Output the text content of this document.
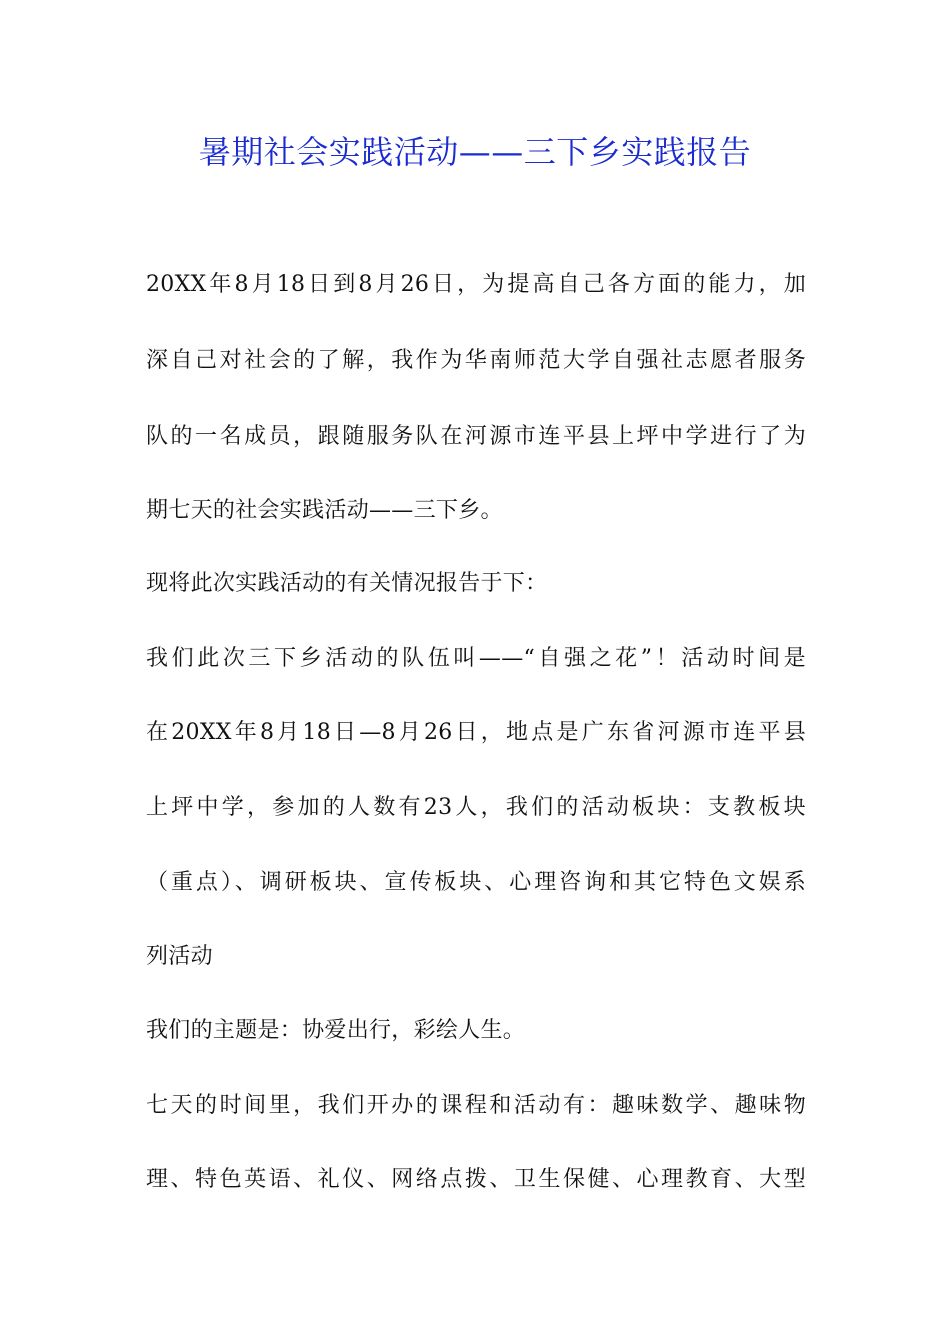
暑期社会实践活动——三下乡实践报告
20XX年8月18日到8月26日，为提高自己各方面的能力，加
深自己对社会的了解，我作为华南师范大学自强社志愿者服务
队的一名成员，跟随服务队在河源市连平县上坪中学进行了为
期七天的社会实践活动——三下乡。
现将此次实践活动的有关情况报告于下：
我们此次三下乡活动的队伍叫——“自强之花”！活动时间是
在20XX年8月18日—8月26日，地点是广东省河源市连平县
上坪中学，参加的人数有23人，我们的活动板块：支教板块
（重点）、调研板块、宣传板块、心理咨询和其它特色文娱系
列活动
我们的主题是：协爱出行，彩绘人生。
七天的时间里，我们开办的课程和活动有：趣味数学、趣味物
理、特色英语、礼仪、网络点拨、卫生保健、心理教育、大型
